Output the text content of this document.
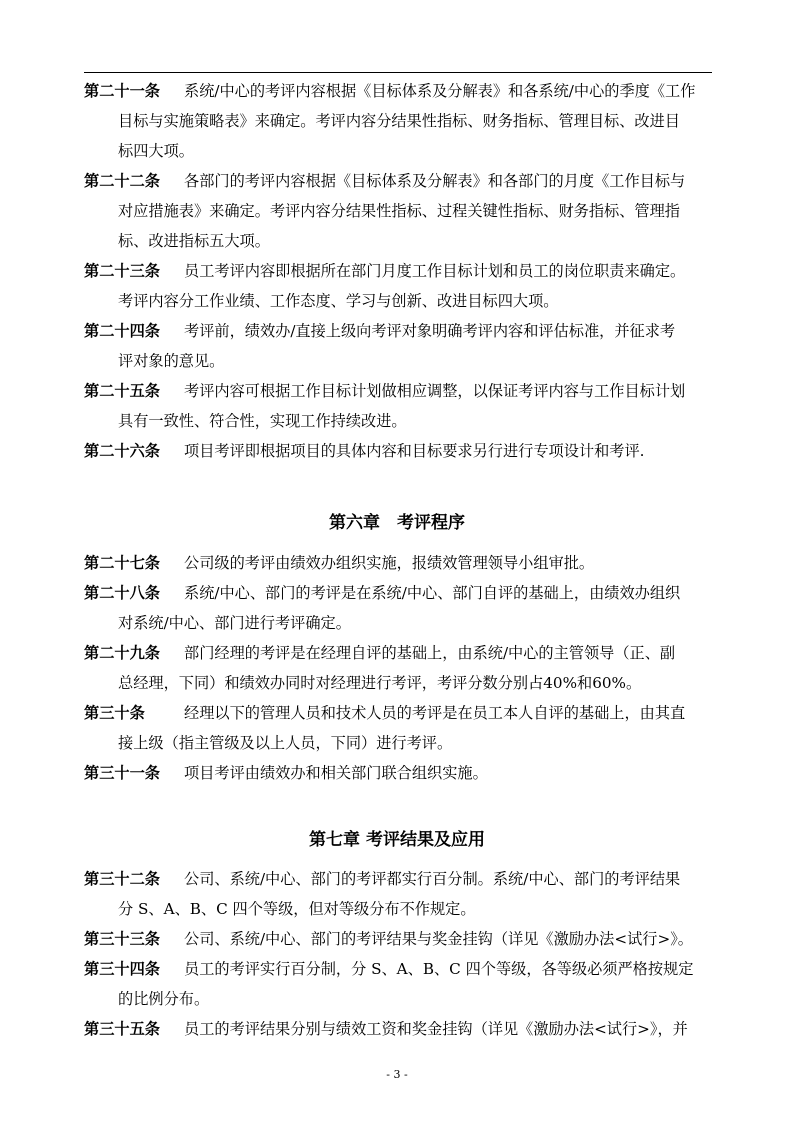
第二十一条 系统/中心的考评内容根据《目标体系及分解表》和各系统/中心的季度《工作
目标与实施策略表》来确定。考评内容分结果性指标、财务指标、管理目标、改进目
标四大项。
第二十二条 各部门的考评内容根据《目标体系及分解表》和各部门的月度《工作目标与
对应措施表》来确定。考评内容分结果性指标、过程关键性指标、财务指标、管理指
标、改进指标五大项。
第二十三条 员工考评内容即根据所在部门月度工作目标计划和员工的岗位职责来确定。
考评内容分工作业绩、工作态度、学习与创新、改进目标四大项。
第二十四条 考评前，绩效办/直接上级向考评对象明确考评内容和评估标准，并征求考
评对象的意见。
第二十五条 考评内容可根据工作目标计划做相应调整，以保证考评内容与工作目标计划
具有一致性、符合性，实现工作持续改进。
第二十六条 项目考评即根据项目的具体内容和目标要求另行进行专项设计和考评.
第六章　考评程序
第二十七条 公司级的考评由绩效办组织实施，报绩效管理领导小组审批。
第二十八条 系统/中心、部门的考评是在系统/中心、部门自评的基础上，由绩效办组织
对系统/中心、部门进行考评确定。
第二十九条 部门经理的考评是在经理自评的基础上，由系统/中心的主管领导（正、副
总经理，下同）和绩效办同时对经理进行考评，考评分数分别占40%和60%。
第三十条	经理以下的管理人员和技术人员的考评是在员工本人自评的基础上，由其直
接上级（指主管级及以上人员，下同）进行考评。
第三十一条 项目考评由绩效办和相关部门联合组织实施。
第七章 考评结果及应用
第三十二条 公司、系统/中心、部门的考评都实行百分制。系统/中心、部门的考评结果
分 S、A、B、C 四个等级，但对等级分布不作规定。
第三十三条 公司、系统/中心、部门的考评结果与奖金挂钩（详见《激励办法<试行>》。
第三十四条 员工的考评实行百分制，分 S、A、B、C 四个等级，各等级必须严格按规定
的比例分布。
第三十五条 员工的考评结果分别与绩效工资和奖金挂钩（详见《激励办法<试行>》，并
- 3 -
